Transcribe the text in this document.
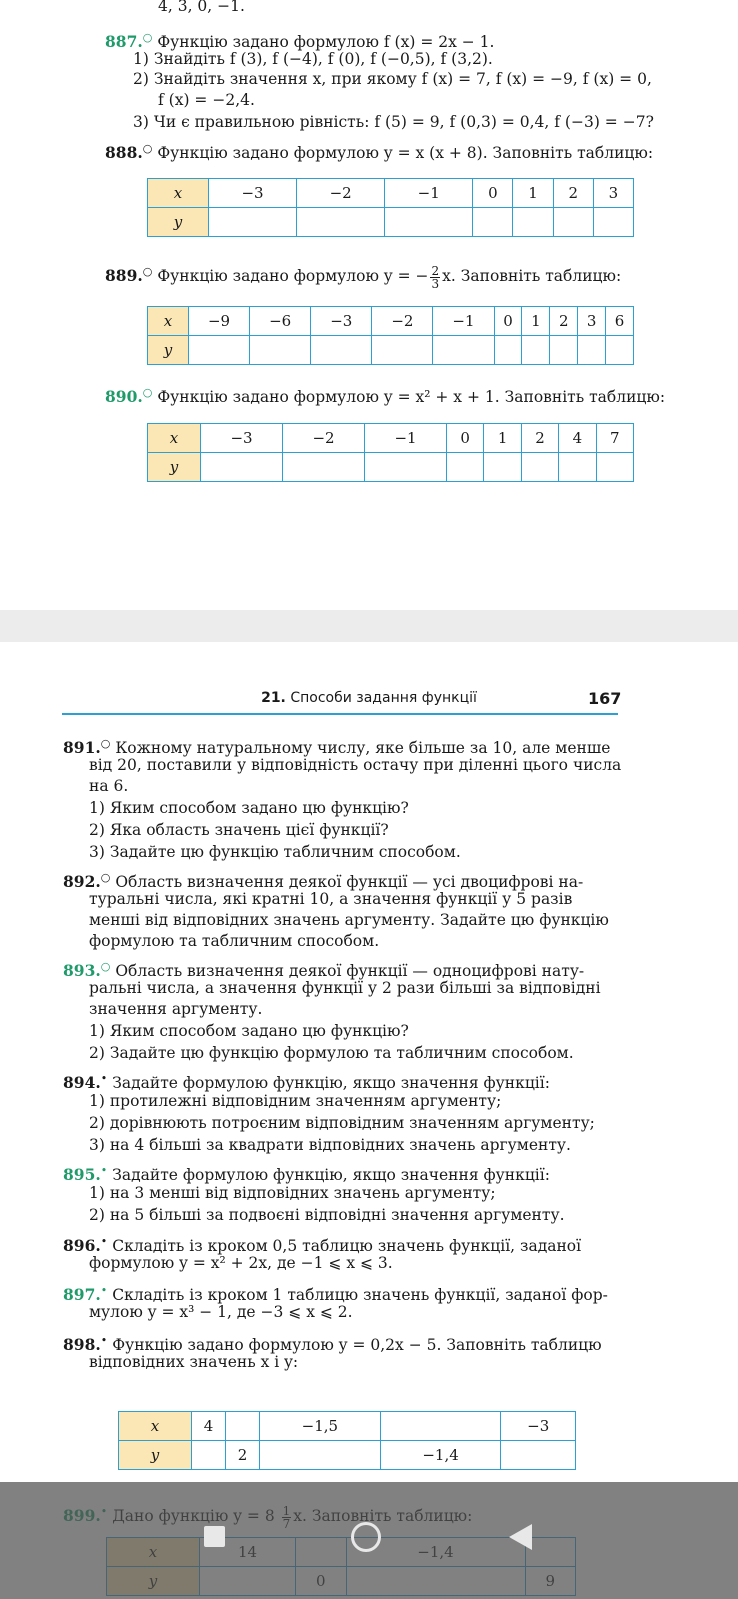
4, 3, 0, −1.
887.○ Функцію задано формулою f (x) = 2x − 1.
1) Знайдіть f (3), f (−4), f (0), f (−0,5), f (3,2).
2) Знайдіть значення x, при якому f (x) = 7, f (x) = −9, f (x) = 0,
f (x) = −2,4.
3) Чи є правильною рівність: f (5) = 9, f (0,3) = 0,4, f (−3) = −7?
888.○ Функцію задано формулою y = x (x + 8). Заповніть таблицю:
x	−3	−2	−1	0	1	2	3
y							
889.○ Функцію задано формулою y = − $\frac{2}{3} x$. Заповніть таблицю:
x	−9	−6	−3	−2	−1	0	1	2	3	6
y										
890.○ Функцію задано формулою y = x² + x + 1. Заповніть таблицю:
x	−3	−2	−1	0	1	2	4	7
y								
21. Способи задання функції	167
891.○ Кожному натуральному числу, яке більше за 10, але менше
від 20, поставили у відповідність остачу при діленні цього числа
на 6.
1) Яким способом задано цю функцію?
2) Яка область значень цієї функції?
3) Задайте цю функцію табличним способом.
892.○ Область визначення деякої функції — усі двоцифрові на-
туральні числа, які кратні 10, а значення функції у 5 разів
менші від відповідних значень аргументу. Задайте цю функцію
формулою та табличним способом.
893.○ Область визначення деякої функції — одноцифрові нату-
ральні числа, а значення функції у 2 рази більші за відповідні
значення аргументу.
1) Яким способом задано цю функцію?
2) Задайте цю функцію формулою та табличним способом.
894.• Задайте формулою функцію, якщо значення функції:
1) протилежні відповідним значенням аргументу;
2) дорівнюють потроєним відповідним значенням аргументу;
3) на 4 більші за квадрати відповідних значень аргументу.
895.• Задайте формулою функцію, якщо значення функції:
1) на 3 менші від відповідних значень аргументу;
2) на 5 більші за подвоєні відповідні значення аргументу.
896.• Складіть із кроком 0,5 таблицю значень функції, заданої
формулою y = x² + 2x, де −1 ⩽ x ⩽ 3.
897.• Складіть із кроком 1 таблицю значень функції, заданої фор-
мулою y = x³ − 1, де −3 ⩽ x ⩽ 2.
898.• Функцію задано формулою y = 0,2x − 5. Заповніть таблицю
відповідних значень x і y:
x	4		−1,5		−3
y		2		−1,4	
